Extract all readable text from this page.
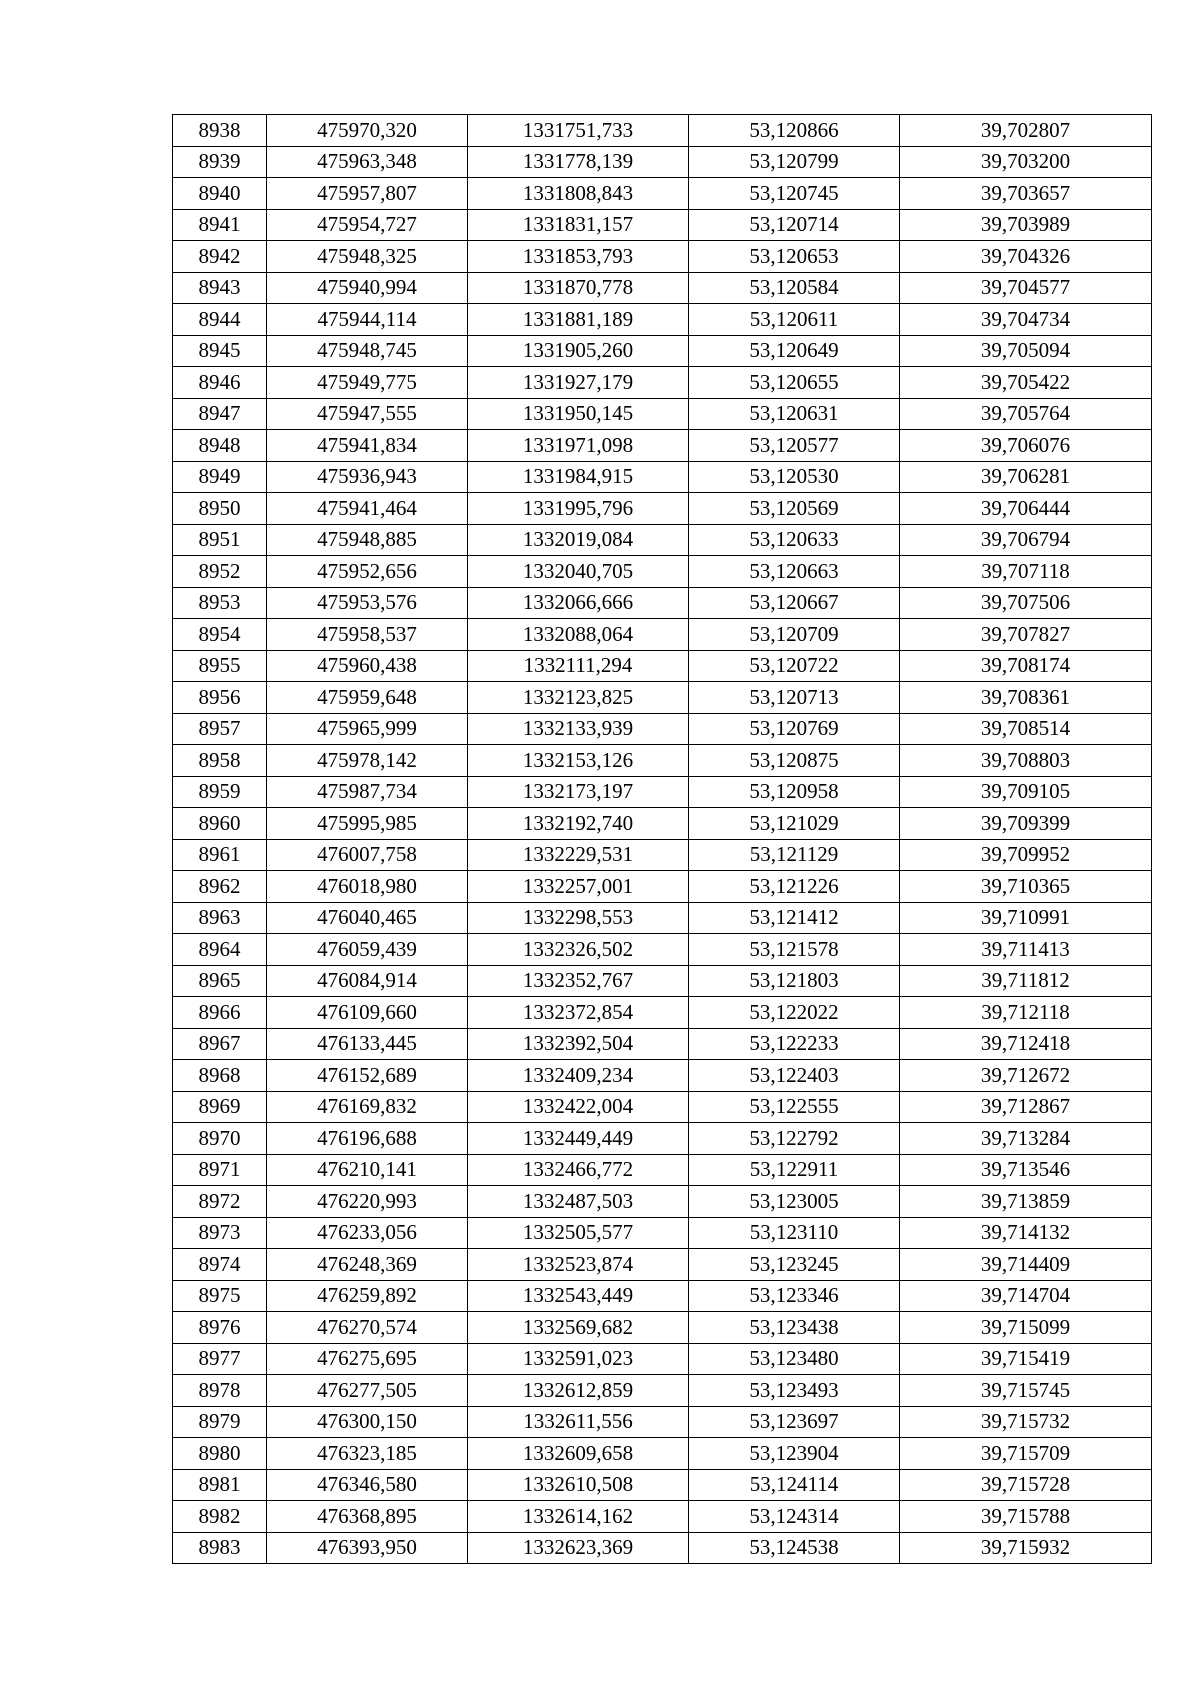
8938	475970,320	1331751,733	53,120866	39,702807
8939	475963,348	1331778,139	53,120799	39,703200
8940	475957,807	1331808,843	53,120745	39,703657
8941	475954,727	1331831,157	53,120714	39,703989
8942	475948,325	1331853,793	53,120653	39,704326
8943	475940,994	1331870,778	53,120584	39,704577
8944	475944,114	1331881,189	53,120611	39,704734
8945	475948,745	1331905,260	53,120649	39,705094
8946	475949,775	1331927,179	53,120655	39,705422
8947	475947,555	1331950,145	53,120631	39,705764
8948	475941,834	1331971,098	53,120577	39,706076
8949	475936,943	1331984,915	53,120530	39,706281
8950	475941,464	1331995,796	53,120569	39,706444
8951	475948,885	1332019,084	53,120633	39,706794
8952	475952,656	1332040,705	53,120663	39,707118
8953	475953,576	1332066,666	53,120667	39,707506
8954	475958,537	1332088,064	53,120709	39,707827
8955	475960,438	1332111,294	53,120722	39,708174
8956	475959,648	1332123,825	53,120713	39,708361
8957	475965,999	1332133,939	53,120769	39,708514
8958	475978,142	1332153,126	53,120875	39,708803
8959	475987,734	1332173,197	53,120958	39,709105
8960	475995,985	1332192,740	53,121029	39,709399
8961	476007,758	1332229,531	53,121129	39,709952
8962	476018,980	1332257,001	53,121226	39,710365
8963	476040,465	1332298,553	53,121412	39,710991
8964	476059,439	1332326,502	53,121578	39,711413
8965	476084,914	1332352,767	53,121803	39,711812
8966	476109,660	1332372,854	53,122022	39,712118
8967	476133,445	1332392,504	53,122233	39,712418
8968	476152,689	1332409,234	53,122403	39,712672
8969	476169,832	1332422,004	53,122555	39,712867
8970	476196,688	1332449,449	53,122792	39,713284
8971	476210,141	1332466,772	53,122911	39,713546
8972	476220,993	1332487,503	53,123005	39,713859
8973	476233,056	1332505,577	53,123110	39,714132
8974	476248,369	1332523,874	53,123245	39,714409
8975	476259,892	1332543,449	53,123346	39,714704
8976	476270,574	1332569,682	53,123438	39,715099
8977	476275,695	1332591,023	53,123480	39,715419
8978	476277,505	1332612,859	53,123493	39,715745
8979	476300,150	1332611,556	53,123697	39,715732
8980	476323,185	1332609,658	53,123904	39,715709
8981	476346,580	1332610,508	53,124114	39,715728
8982	476368,895	1332614,162	53,124314	39,715788
8983	476393,950	1332623,369	53,124538	39,715932
